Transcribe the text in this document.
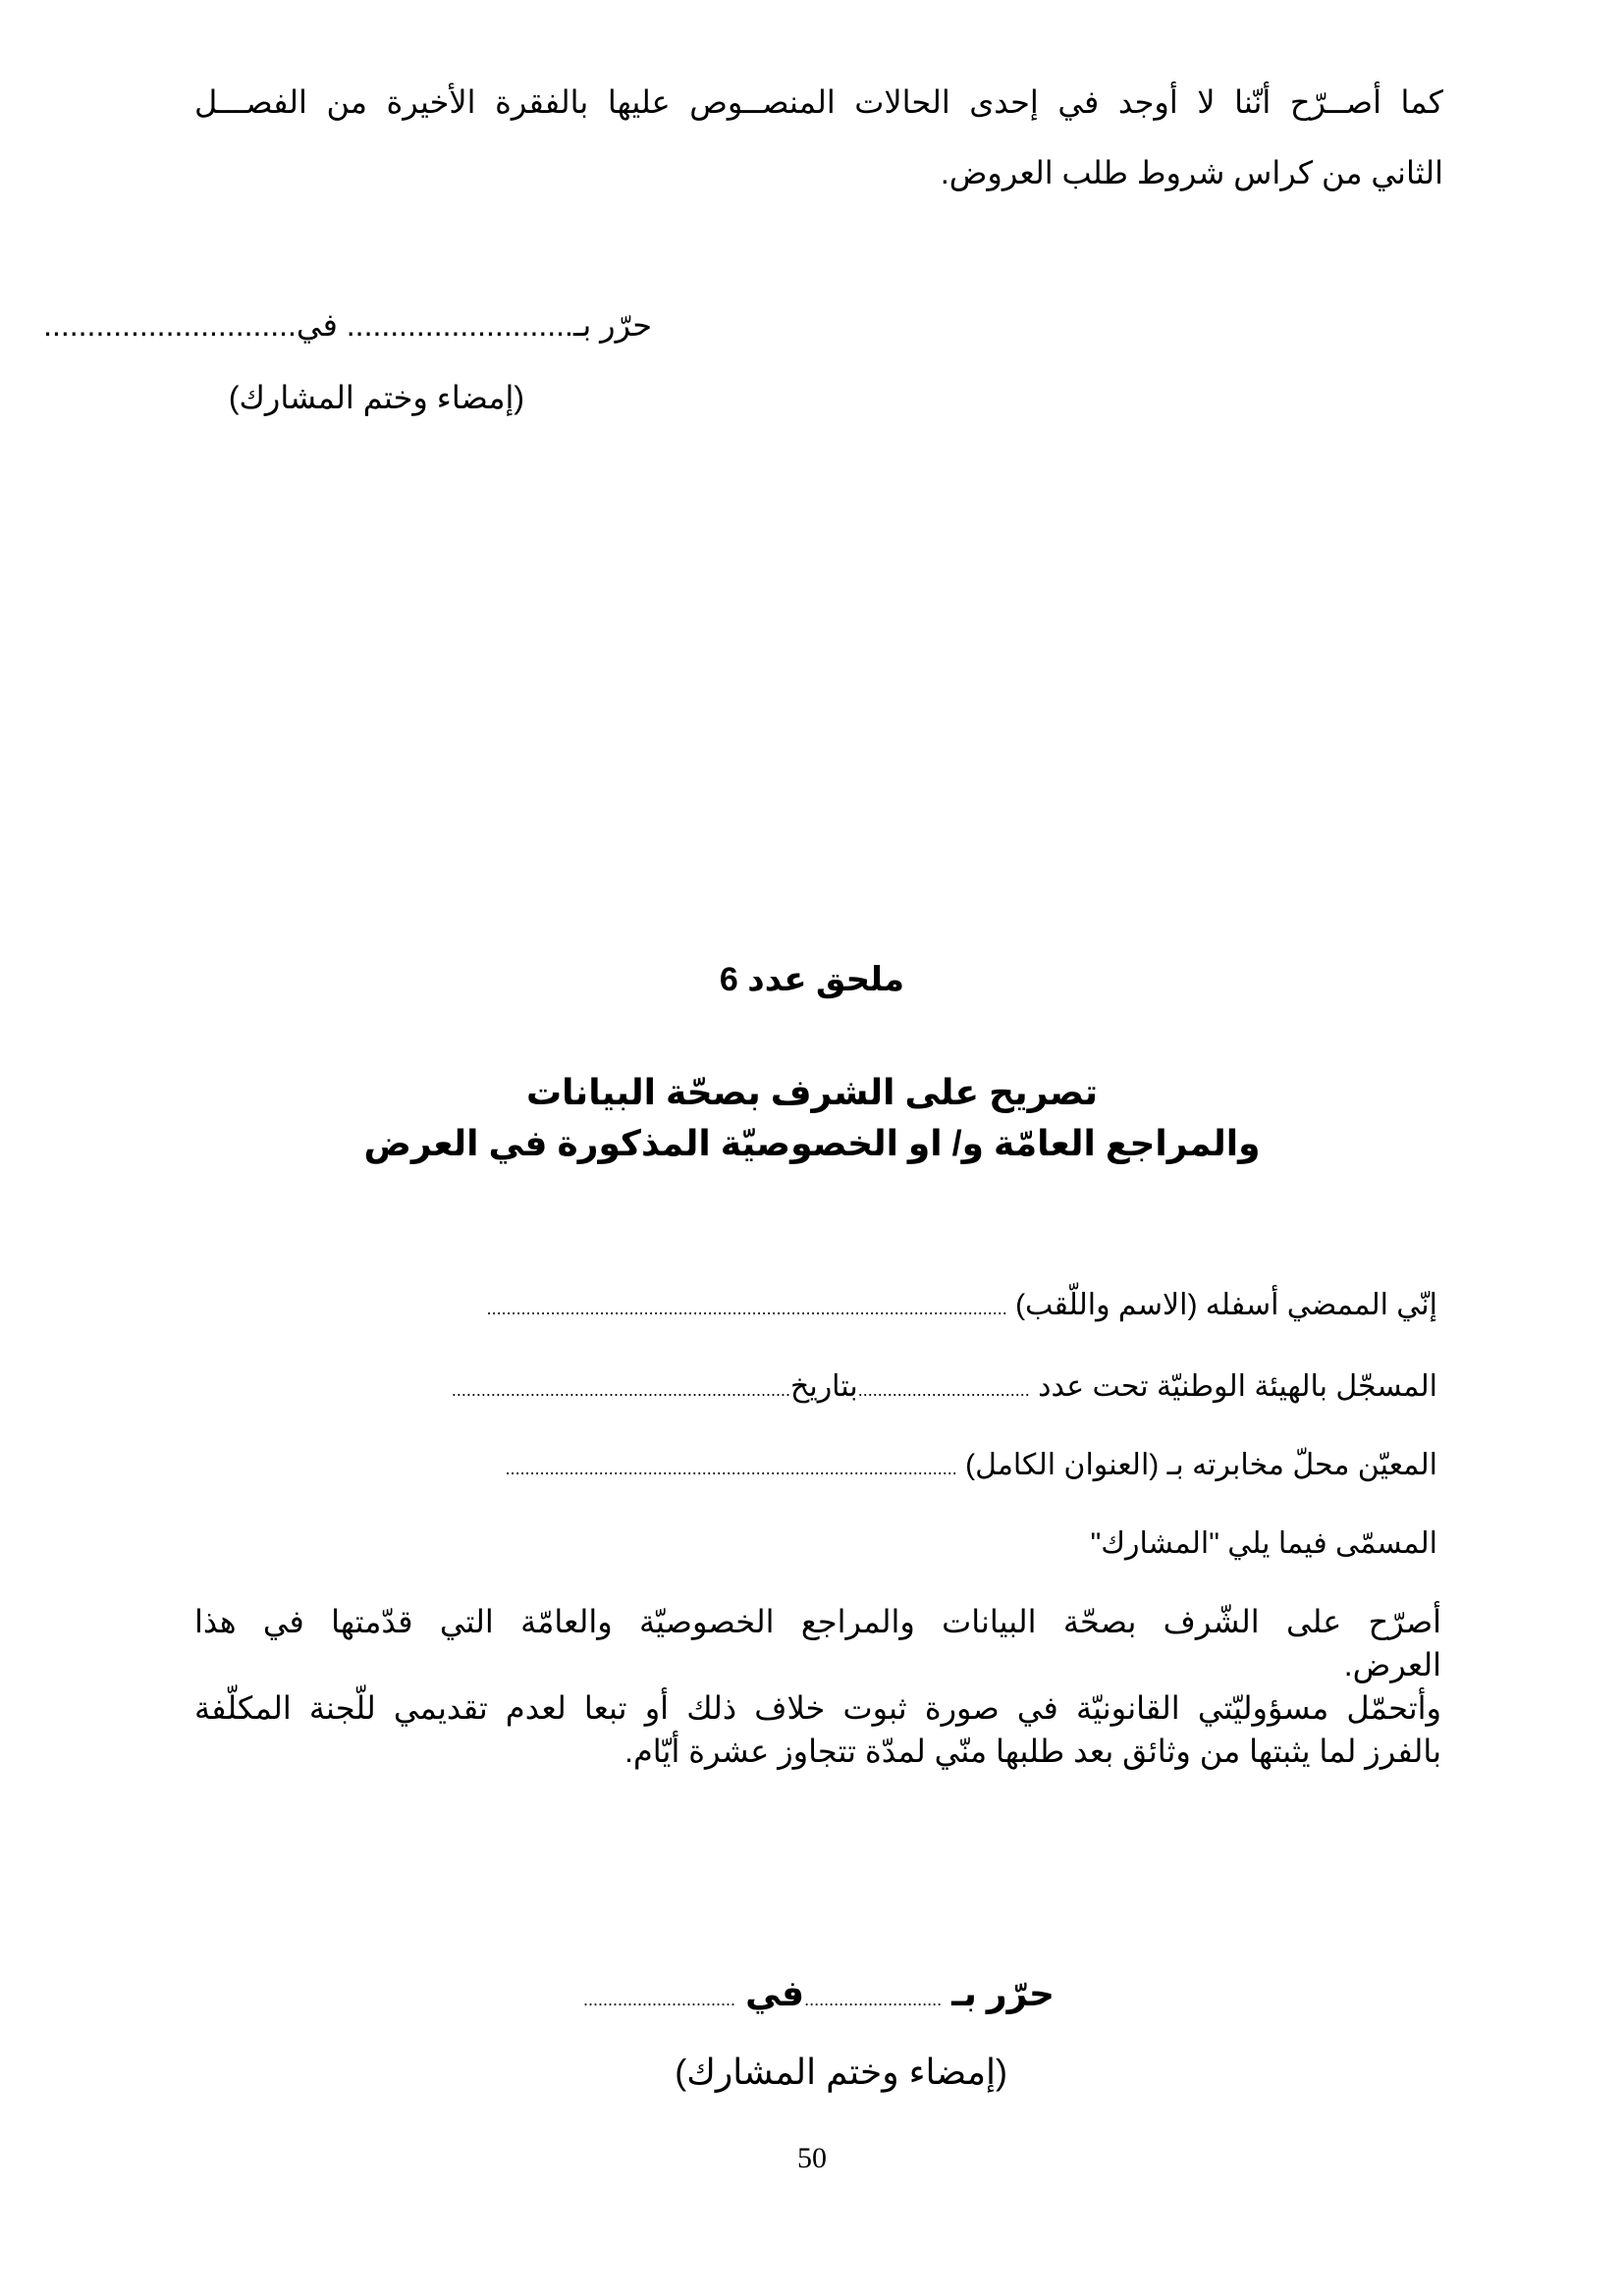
كما أصــرّح أنّنا لا أوجد في إحدى الحالات المنصــوص عليها بالفقرة الأخيرة من الفصـــل
الثاني من كراس شروط طلب العروض.
حرّر بـ.......................... في.............................
(إمضاء وختم المشارك)
ملحق عدد 6
تصريح على الشرف بصحّة البيانات
والمراجع العامّة و/ او الخصوصيّة المذكورة في العرض
إنّي الممضي أسفله (الاسم واللّقب) ..........................................................................................................
المسجّل بالهيئة الوطنيّة تحت عدد ...................................بتاريخ.....................................................................
المعيّن محلّ مخابرته بـ (العنوان الكامل) ............................................................................................
المسمّى فيما يلي "المشارك"
أصرّح على الشّرف بصحّة البيانات والمراجع الخصوصيّة والعامّة التي قدّمتها في هذا
العرض.
وأتحمّل مسؤوليّتي القانونيّة في صورة ثبوت خلاف ذلك أو تبعا لعدم تقديمي للّجنة المكلّفة
بالفرز لما يثبتها من وثائق بعد طلبها منّي لمدّة تتجاوز عشرة أيّام.
حرّر بـ ............................في ...............................
(إمضاء وختم المشارك)
50
